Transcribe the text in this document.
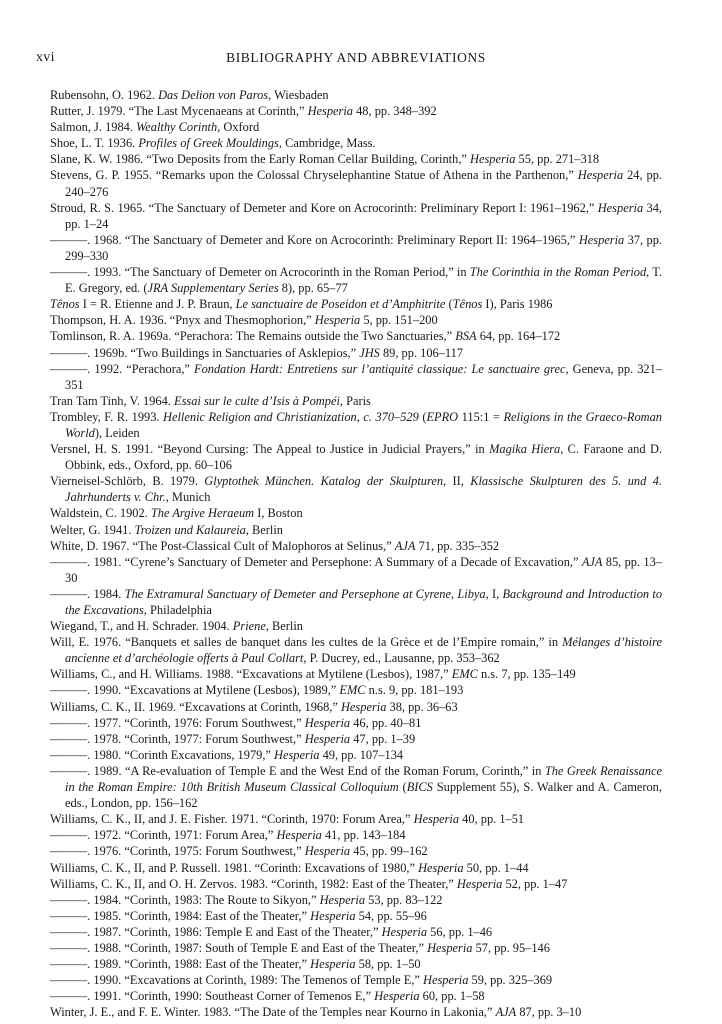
xvi	BIBLIOGRAPHY AND ABBREVIATIONS

Rubensohn, O. 1962. Das Delion von Paros, Wiesbaden

Rutter, J. 1979. “The Last Mycenaeans at Corinth,” Hesperia 48, pp. 348–392

Salmon, J. 1984. Wealthy Corinth, Oxford

Shoe, L. T. 1936. Profiles of Greek Mouldings, Cambridge, Mass.

Slane, K. W. 1986. “Two Deposits from the Early Roman Cellar Building, Corinth,” Hesperia 55, pp. 271–318

Stevens, G. P. 1955. “Remarks upon the Colossal Chryselephantine Statue of Athena in the Parthenon,” Hesperia 24, pp. 240–276

Stroud, R. S. 1965. “The Sanctuary of Demeter and Kore on Acrocorinth: Preliminary Report I: 1961–1962,” Hesperia 34, pp. 1–24

———. 1968. “The Sanctuary of Demeter and Kore on Acrocorinth: Preliminary Report II: 1964–1965,” Hesperia 37, pp. 299–330

———. 1993. “The Sanctuary of Demeter on Acrocorinth in the Roman Period,” in The Corinthia in the Roman Period, T. E. Gregory, ed. (JRA Supplementary Series 8), pp. 65–77

Tênos I = R. Etienne and J. P. Braun, Le sanctuaire de Poseidon et d’Amphitrite (Tênos I), Paris 1986

Thompson, H. A. 1936. “Pnyx and Thesmophorion,” Hesperia 5, pp. 151–200

Tomlinson, R. A. 1969a. “Perachora: The Remains outside the Two Sanctuaries,” BSA 64, pp. 164–172

———. 1969b. “Two Buildings in Sanctuaries of Asklepios,” JHS 89, pp. 106–117

———. 1992. “Perachora,” Fondation Hardt: Entretiens sur l’antiquité classique: Le sanctuaire grec, Geneva, pp. 321–351

Tran Tam Tinh, V. 1964. Essai sur le culte d’Isis à Pompéi, Paris

Trombley, F. R. 1993. Hellenic Religion and Christianization, c. 370–529 (EPRO 115:1 = Religions in the Graeco-Roman World), Leiden

Versnel, H. S. 1991. “Beyond Cursing: The Appeal to Justice in Judicial Prayers,” in Magika Hiera, C. Faraone and D. Obbink, eds., Oxford, pp. 60–106

Vierneisel-Schlörb, B. 1979. Glyptothek München. Katalog der Skulpturen, II, Klassische Skulpturen des 5. und 4. Jahrhunderts v. Chr., Munich

Waldstein, C. 1902. The Argive Heraeum I, Boston

Welter, G. 1941. Troizen und Kalaureia, Berlin

White, D. 1967. “The Post-Classical Cult of Malophoros at Selinus,” AJA 71, pp. 335–352

———. 1981. “Cyrene’s Sanctuary of Demeter and Persephone: A Summary of a Decade of Excavation,” AJA 85, pp. 13–30

———. 1984. The Extramural Sanctuary of Demeter and Persephone at Cyrene, Libya, I, Background and Introduction to the Excavations, Philadelphia

Wiegand, T., and H. Schrader. 1904. Priene, Berlin

Will, E. 1976. “Banquets et salles de banquet dans les cultes de la Grèce et de l’Empire romain,” in Mélanges d’histoire ancienne et d’archéologie offerts à Paul Collart, P. Ducrey, ed., Lausanne, pp. 353–362

Williams, C., and H. Williams. 1988. “Excavations at Mytilene (Lesbos), 1987,” EMC n.s. 7, pp. 135–149

———. 1990. “Excavations at Mytilene (Lesbos), 1989,” EMC n.s. 9, pp. 181–193

Williams, C. K., II. 1969. “Excavations at Corinth, 1968,” Hesperia 38, pp. 36–63

———. 1977. “Corinth, 1976: Forum Southwest,” Hesperia 46, pp. 40–81

———. 1978. “Corinth, 1977: Forum Southwest,” Hesperia 47, pp. 1–39

———. 1980. “Corinth Excavations, 1979,” Hesperia 49, pp. 107–134

———. 1989. “A Re-evaluation of Temple E and the West End of the Roman Forum, Corinth,” in The Greek Renaissance in the Roman Empire: 10th British Museum Classical Colloquium (BICS Supplement 55), S. Walker and A. Cameron, eds., London, pp. 156–162

Williams, C. K., II, and J. E. Fisher. 1971. “Corinth, 1970: Forum Area,” Hesperia 40, pp. 1–51

———. 1972. “Corinth, 1971: Forum Area,” Hesperia 41, pp. 143–184

———. 1976. “Corinth, 1975: Forum Southwest,” Hesperia 45, pp. 99–162

Williams, C. K., II, and P. Russell. 1981. “Corinth: Excavations of 1980,” Hesperia 50, pp. 1–44

Williams, C. K., II, and O. H. Zervos. 1983. “Corinth, 1982: East of the Theater,” Hesperia 52, pp. 1–47

———. 1984. “Corinth, 1983: The Route to Sikyon,” Hesperia 53, pp. 83–122

———. 1985. “Corinth, 1984: East of the Theater,” Hesperia 54, pp. 55–96

———. 1987. “Corinth, 1986: Temple E and East of the Theater,” Hesperia 56, pp. 1–46

———. 1988. “Corinth, 1987: South of Temple E and East of the Theater,” Hesperia 57, pp. 95–146

———. 1989. “Corinth, 1988: East of the Theater,” Hesperia 58, pp. 1–50

———. 1990. “Excavations at Corinth, 1989: The Temenos of Temple E,” Hesperia 59, pp. 325–369

———. 1991. “Corinth, 1990: Southeast Corner of Temenos E,” Hesperia 60, pp. 1–58

Winter, J. E., and F. E. Winter. 1983. “The Date of the Temples near Kourno in Lakonia,” AJA 87, pp. 3–10
